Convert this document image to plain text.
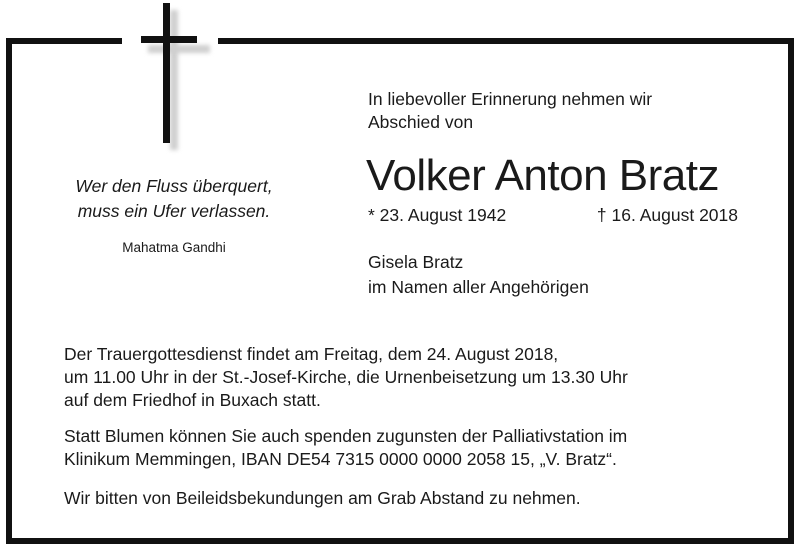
Wer den Fluss überquert,
muss ein Ufer verlassen.
Mahatma Gandhi
In liebevoller Erinnerung nehmen wir
Abschied von
Volker Anton Bratz
* 23. August 1942	† 16. August 2018
Gisela Bratz
im Namen aller Angehörigen
Der Trauergottesdienst findet am Freitag, dem 24. August 2018,
um 11.00 Uhr in der St.-Josef-Kirche, die Urnenbeisetzung um 13.30 Uhr
auf dem Friedhof in Buxach statt.
Statt Blumen können Sie auch spenden zugunsten der Palliativstation im
Klinikum Memmingen, IBAN DE54 7315 0000 0000 2058 15, „V. Bratz“.
Wir bitten von Beileidsbekundungen am Grab Abstand zu nehmen.
